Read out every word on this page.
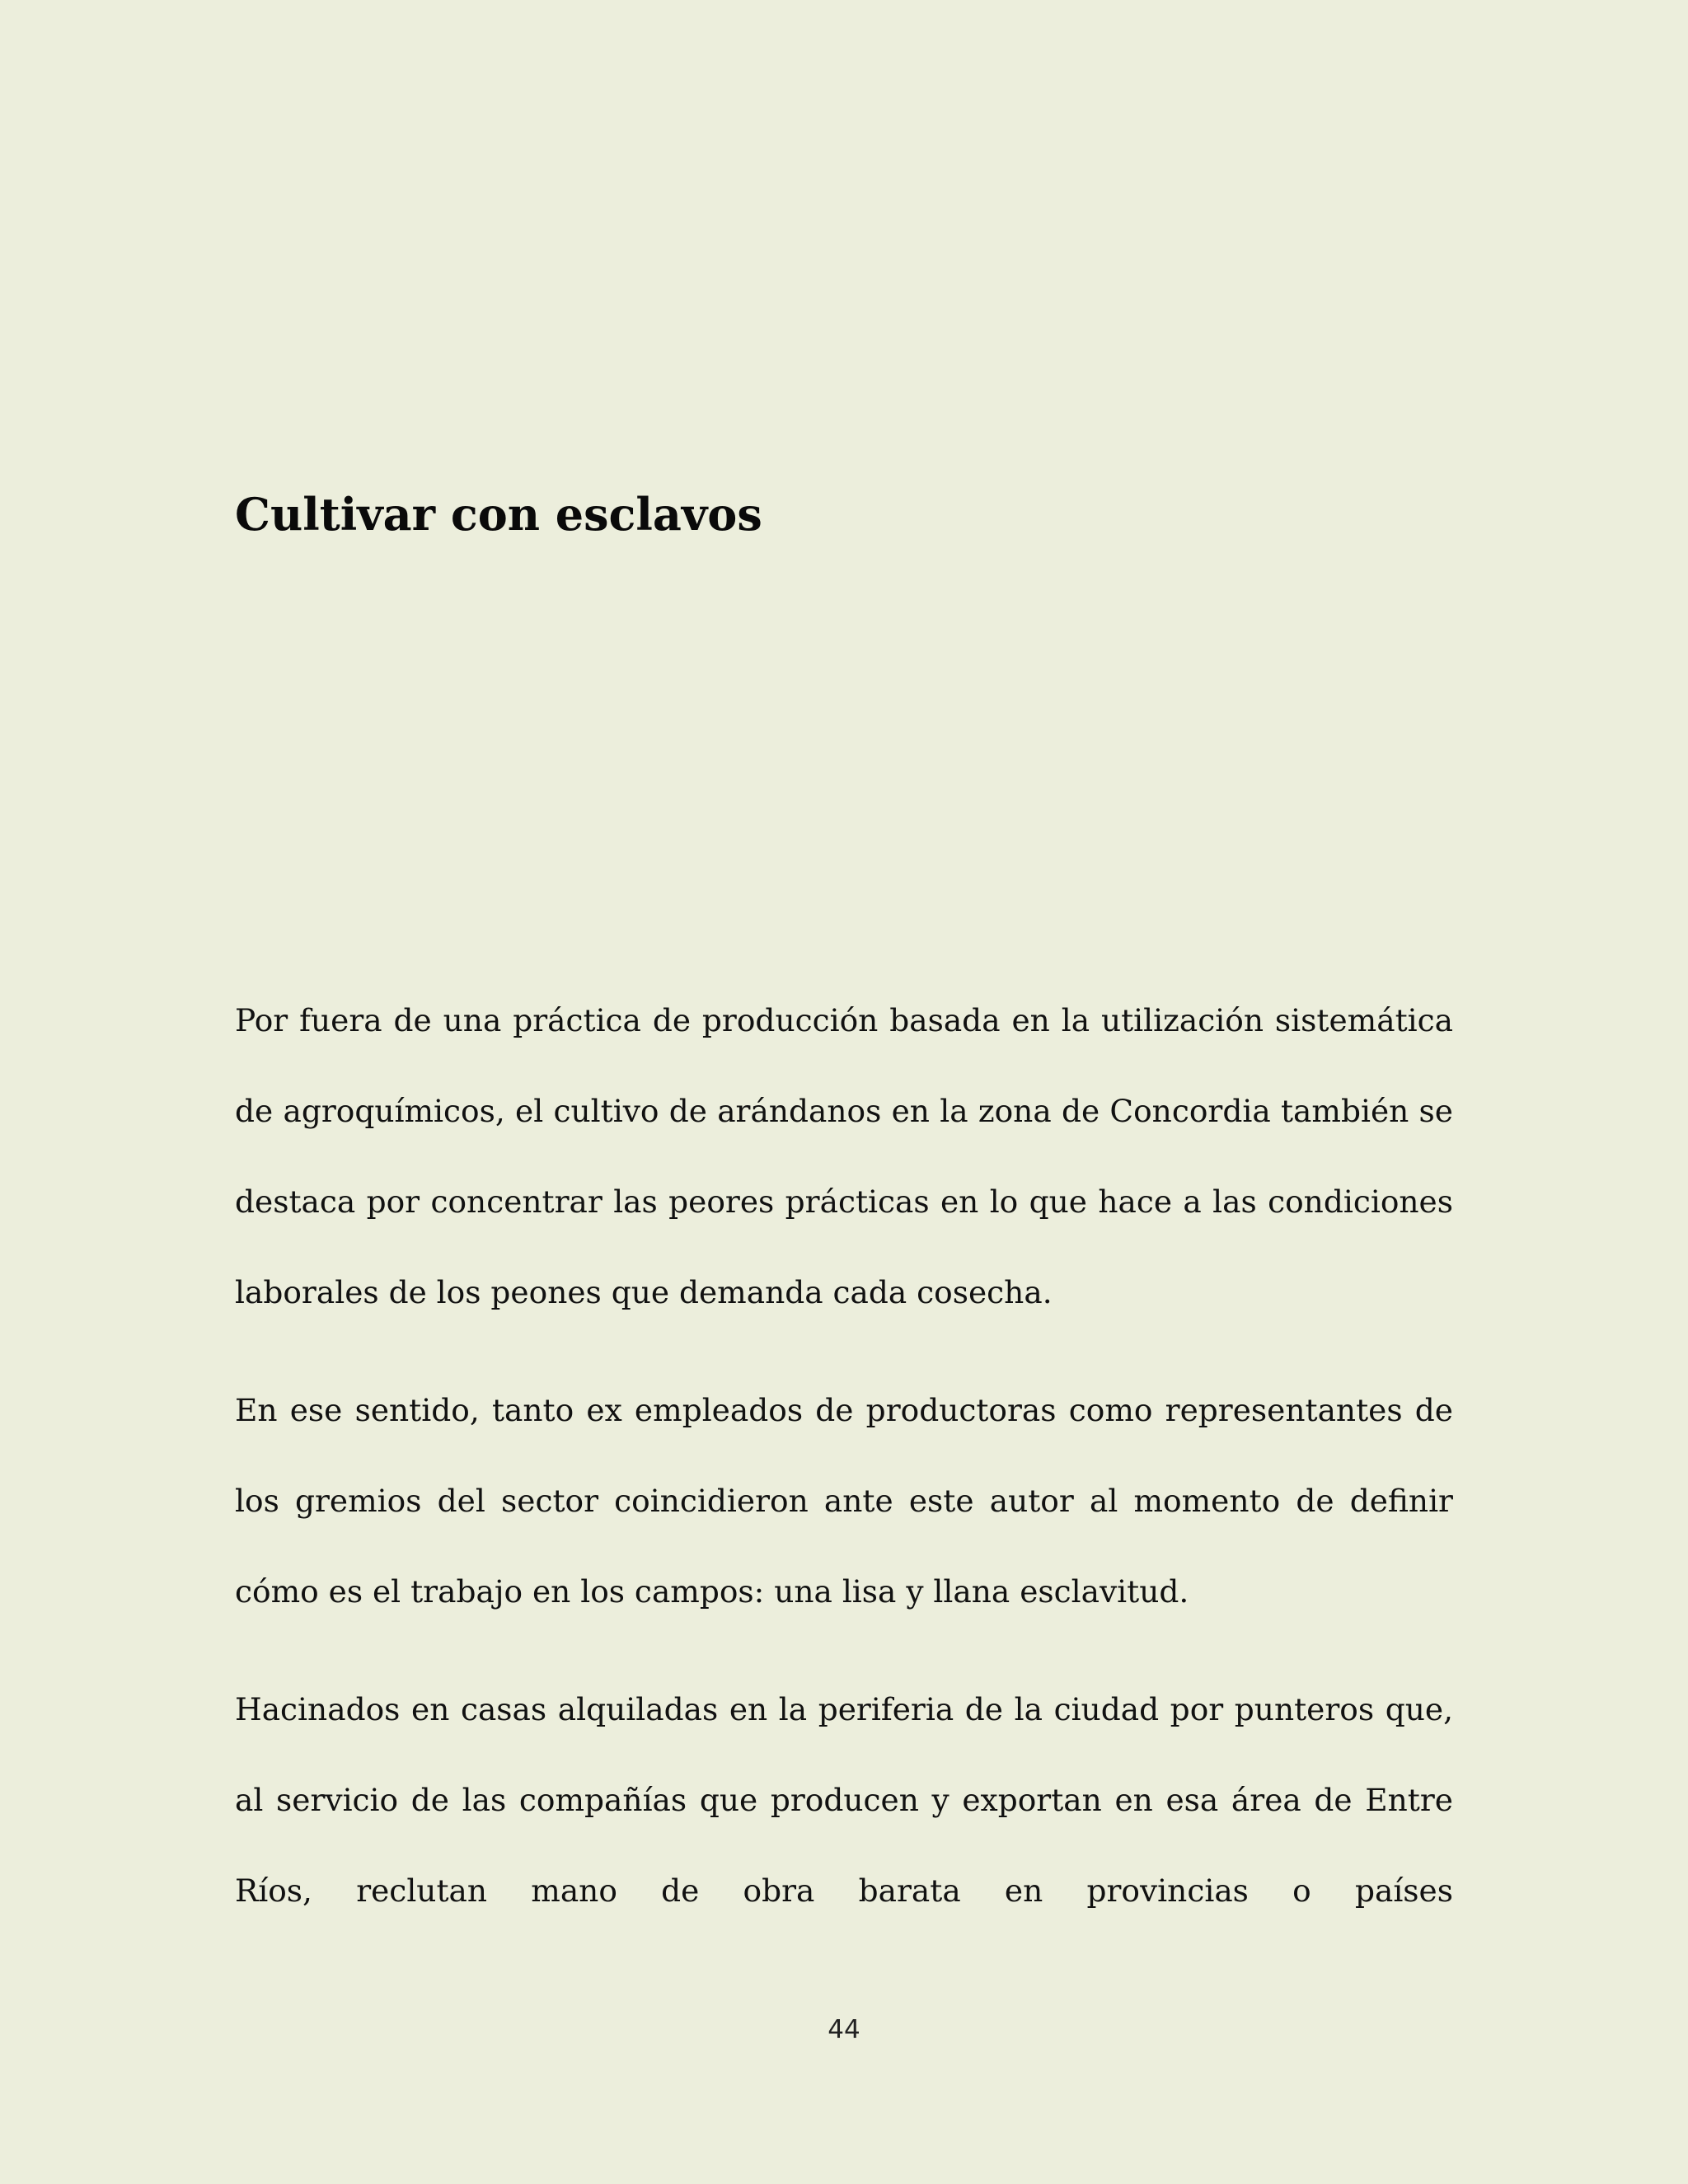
Cultivar con esclavos

Por fuera de una práctica de producción basada en la utilización sistemática de agroquímicos, el cultivo de arándanos en la zona de Concordia también se destaca por concentrar las peores prácticas en lo que hace a las condiciones laborales de los peones que demanda cada cosecha.

En ese sentido, tanto ex empleados de productoras como representantes de los gremios del sector coincidieron ante este autor al momento de definir cómo es el trabajo en los campos: una lisa y llana esclavitud.

Hacinados en casas alquiladas en la periferia de la ciudad por punteros que, al servicio de las compañías que producen y exportan en esa área de Entre Ríos, reclutan mano de obra barata en provincias o países

44
